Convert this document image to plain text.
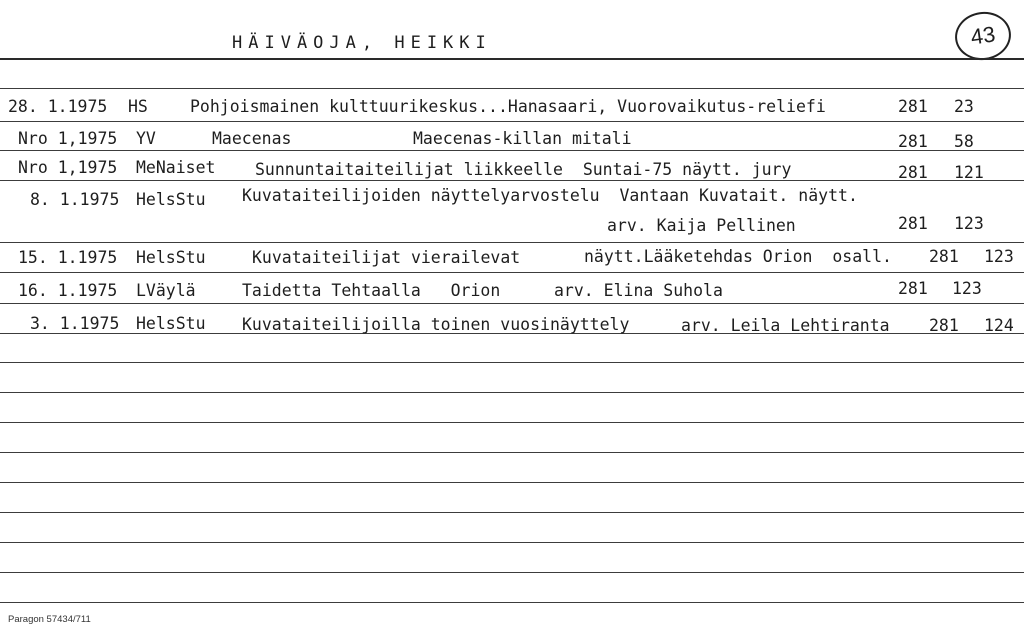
HÄIVÄOJA, HEIKKI	43
28. 1.1975 HS	Pohjoismainen kulttuurikeskus...Hanasaari, Vuorovaikutus-reliefi	281 23
Nro 1,1975 YV	Maecenas	Maecenas-killan mitali	281 58
Nro 1,1975 MeNaiset Sunnuntaitaiteilijat liikkeelle  Suntai-75 näytt. jury	281 121
8. 1.1975 HelsStu Kuvataiteilijoiden näyttelyarvostelu  Vantaan Kuvatait. näytt.
arv. Kaija Pellinen	281 123
15. 1.1975 HelsStu	Kuvataiteilijat vierailevat	näytt.Lääketehdas Orion  osall. 281 123
16. 1.1975 LVäylä	Taidetta Tehtaalla   Orion	arv. Elina Suhola	281 123
3. 1.1975 HelsStu Kuvataiteilijoilla toinen vuosinäyttely	arv. Leila Lehtiranta 281 124
Paragon 57434/711
